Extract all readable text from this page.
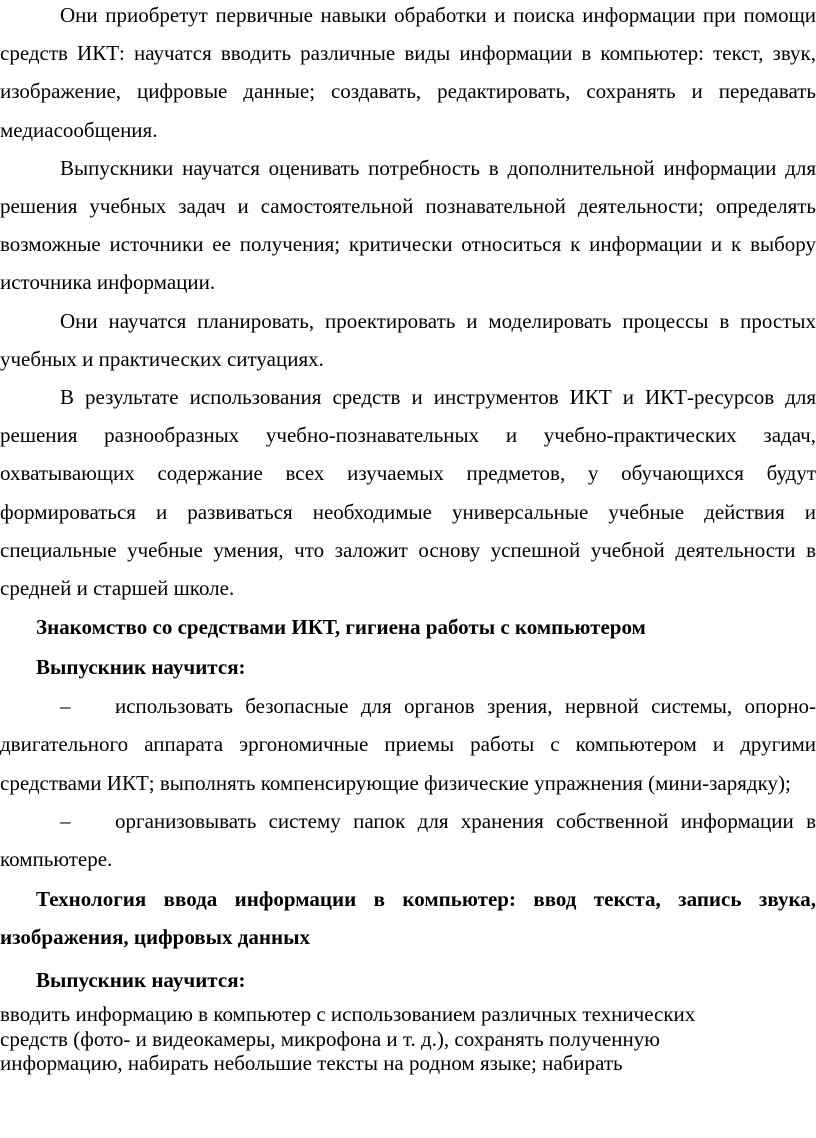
Они приобретут первичные навыки обработки и поиска информации при помощи средств ИКТ: научатся вводить различные виды информации в компьютер: текст, звук, изображение, цифровые данные; создавать, редактировать, сохранять и передавать медиасообщения.

Выпускники научатся оценивать потребность в дополнительной информации для решения учебных задач и самостоятельной познавательной деятельности; определять возможные источники ее получения; критически относиться к информации и к выбору источника информации.

Они научатся планировать, проектировать и моделировать процессы в простых учебных и практических ситуациях.

В результате использования средств и инструментов ИКТ и ИКТ-ресурсов для решения разнообразных учебно-познавательных и учебно-практических задач, охватывающих содержание всех изучаемых предметов, у обучающихся будут формироваться и развиваться необходимые универсальные учебные действия и специальные учебные умения, что заложит основу успешной учебной деятельности в средней и старшей школе.

Знакомство со средствами ИКТ, гигиена работы с компьютером

Выпускник научится:

– использовать безопасные для органов зрения, нервной системы, опорно-двигательного аппарата эргономичные приемы работы с компьютером и другими средствами ИКТ; выполнять компенсирующие физические упражнения (мини-зарядку);

– организовывать систему папок для хранения собственной информации в компьютере.

Технология ввода информации в компьютер: ввод текста, запись звука, изображения, цифровых данных

Выпускник научится:

вводить информацию в компьютер с использованием различных технических

средств (фото- и видеокамеры, микрофона и т. д.), сохранять полученную

информацию, набирать небольшие тексты на родном языке; набирать
